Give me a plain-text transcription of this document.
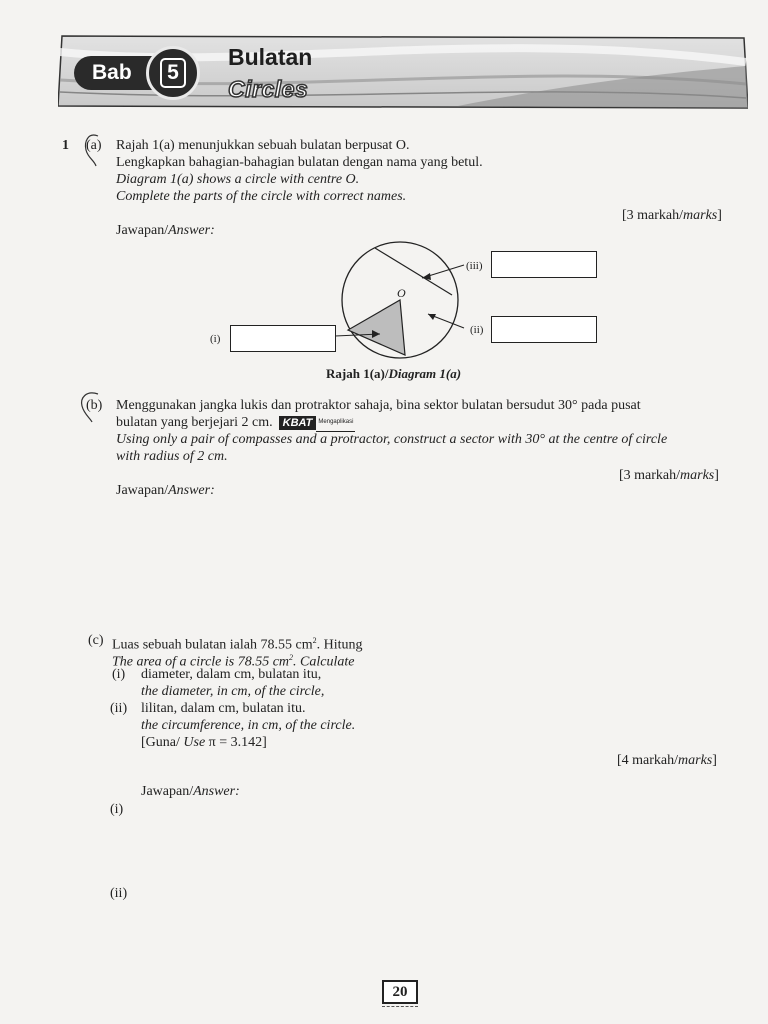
Bab	5
Bulatan
Circles
1 (a) Rajah 1(a) menunjukkan sebuah bulatan berpusat O.
Lengkapkan bahagian-bahagian bulatan dengan nama yang betul.
Diagram 1(a) shows a circle with centre O.
Complete the parts of the circle with correct names.
[3 markah/marks]
Jawapan/Answer:
O
(iii)
(ii)
(i)
Rajah 1(a)/Diagram 1(a)
(b) Menggunakan jangka lukis dan protraktor sahaja, bina sektor bulatan bersudut 30° pada pusat
bulatan yang berjejari 2 cm. KBAT Mengaplikasi
Using only a pair of compasses and a protractor, construct a sector with 30° at the centre of circle
with radius of 2 cm.
[3 markah/marks]
Jawapan/Answer:
(c) Luas sebuah bulatan ialah 78.55 $cm^2$. Hitung
The area of a circle is 78.55 $cm^2$. Calculate
(i) diameter, dalam cm, bulatan itu,
the diameter, in cm, of the circle,
(ii) lilitan, dalam cm, bulatan itu.
the circumference, in cm, of the circle.
[Guna/ Use π = 3.142]
[4 markah/marks]
Jawapan/Answer:
(i)
(ii)
20
